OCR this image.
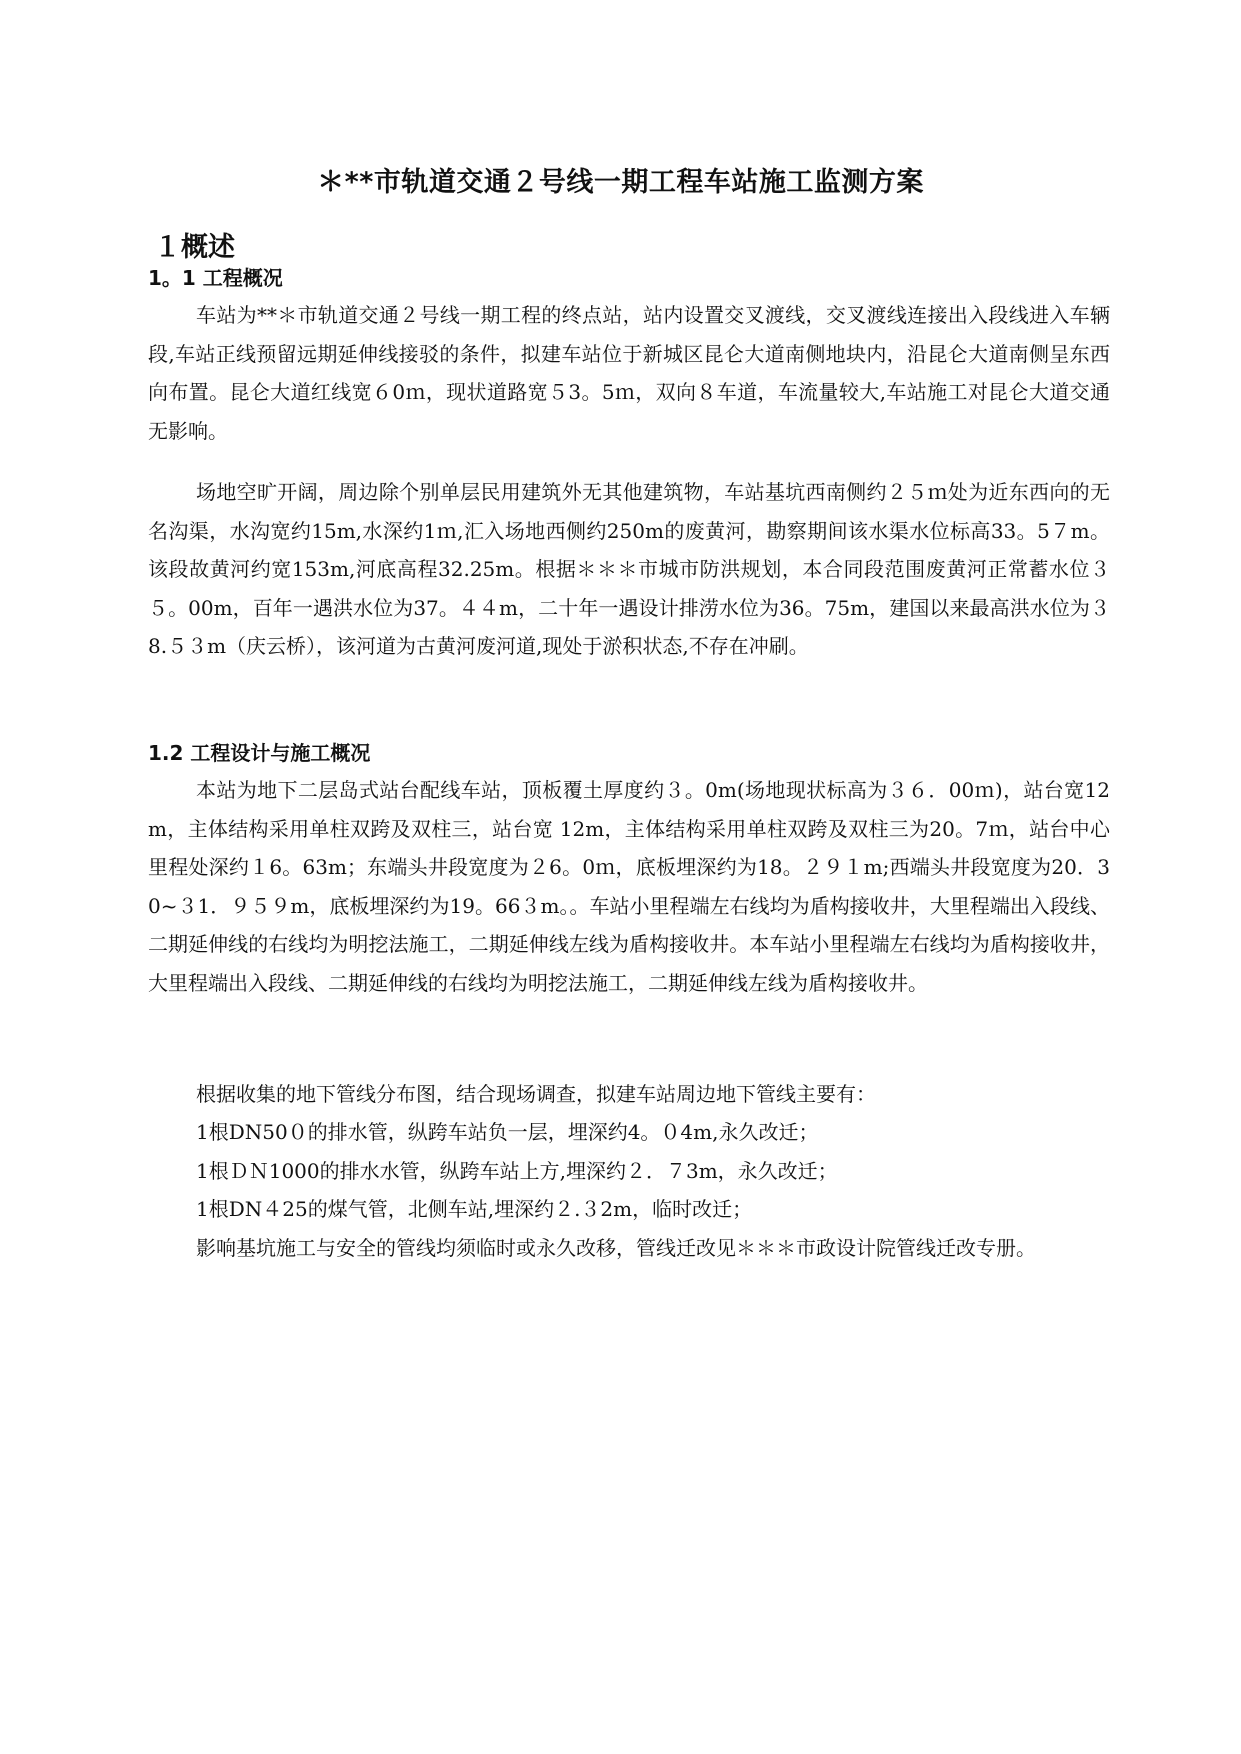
＊**市轨道交通２号线一期工程车站施工监测方案
１概述
1。1 工程概况

车站为**＊市轨道交通２号线一期工程的终点站，站内设置交叉渡线，交叉渡线连接出入段线进入车辆段,车站正线预留远期延伸线接驳的条件，拟建车站位于新城区昆仑大道南侧地块内，沿昆仑大道南侧呈东西向布置。昆仑大道红线宽６0ｍ，现状道路宽５3。5ｍ，双向８车道，车流量较大,车站施工对昆仑大道交通无影响。

场地空旷开阔，周边除个别单层民用建筑外无其他建筑物，车站基坑西南侧约２５ｍ处为近东西向的无名沟渠，水沟宽约15m,水深约1ｍ,汇入场地西侧约250m的废黄河，勘察期间该水渠水位标高33。5７m。该段故黄河约宽153m,河底高程32.25m。根据＊＊＊市城市防洪规划，本合同段范围废黄河正常蓄水位３５。00m，百年一遇洪水位为37。４４m，二十年一遇设计排涝水位为36。75m，建国以来最高洪水位为３8.５３m（庆云桥），该河道为古黄河废河道,现处于淤积状态,不存在冲刷。

1.2 工程设计与施工概况

本站为地下二层岛式站台配线车站，顶板覆土厚度约３。0m(场地现状标高为３６．00ｍ)，站台宽12m，主体结构采用单柱双跨及双柱三，站台宽 12m，主体结构采用单柱双跨及双柱三为20。7ｍ，站台中心里程处深约１6。63m；东端头井段宽度为２6。0ｍ，底板埋深约为18。２９１m;西端头井段宽度为20．30~３1．９５９m，底板埋深约为19。66３m。。车站小里程端左右线均为盾构接收井，大里程端出入段线、二期延伸线的右线均为明挖法施工，二期延伸线左线为盾构接收井。本车站小里程端左右线均为盾构接收井，大里程端出入段线、二期延伸线的右线均为明挖法施工，二期延伸线左线为盾构接收井。

根据收集的地下管线分布图，结合现场调查，拟建车站周边地下管线主要有：

1根DN50０的排水管，纵跨车站负一层，埋深约4。０4m,永久改迁；

1根ＤＮ1000的排水水管，纵跨车站上方,埋深约２．７3m，永久改迁；

1根DN４25的煤气管，北侧车站,埋深约２.３2m，临时改迁；

影响基坑施工与安全的管线均须临时或永久改移，管线迁改见＊＊＊市政设计院管线迁改专册。
